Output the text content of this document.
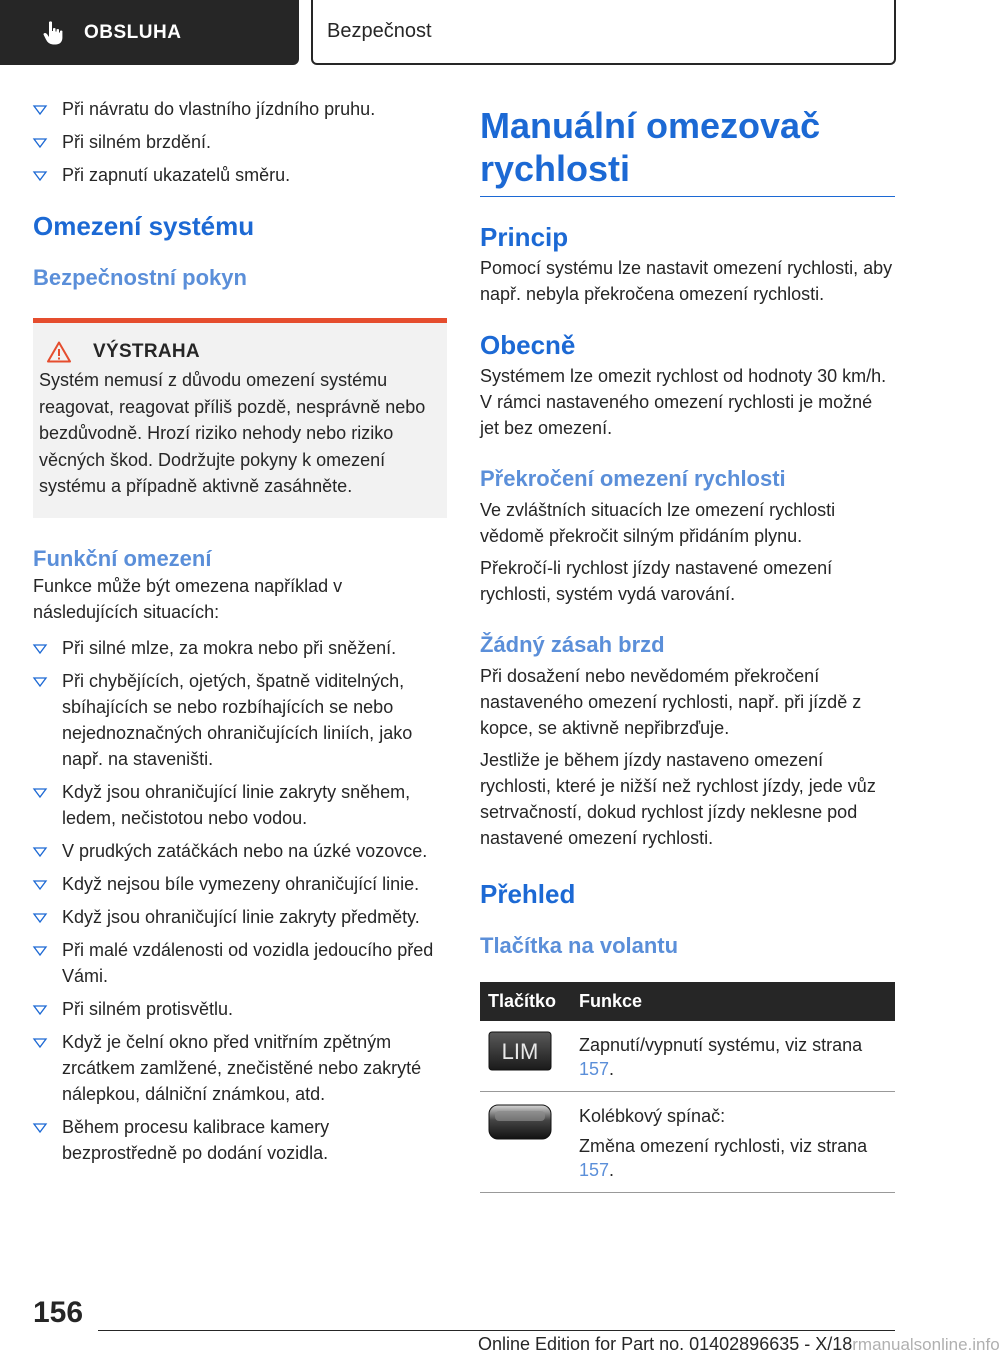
OBSLUHA	Bezpečnost
Při návratu do vlastního jízdního pruhu.
Při silném brzdění.
Při zapnutí ukazatelů směru.
Omezení systému
Bezpečnostní pokyn
VÝSTRAHA
Systém nemusí z důvodu omezení systému reagovat, reagovat příliš pozdě, nesprávně nebo bezdůvodně. Hrozí riziko nehody nebo riziko věcných škod. Dodržujte pokyny k omezení systému a případně aktivně zasáhněte.
Funkční omezení
Funkce může být omezena například v následujících situacích:
Při silné mlze, za mokra nebo při sněžení.
Při chybějících, ojetých, špatně viditelných, sbíhajících se nebo rozbíhajících se nebo nejednoznačných ohraničujících liniích, jako např. na staveništi.
Když jsou ohraničující linie zakryty sněhem, ledem, nečistotou nebo vodou.
V prudkých zatáčkách nebo na úzké vozovce.
Když nejsou bíle vymezeny ohraničující linie.
Když jsou ohraničující linie zakryty předměty.
Při malé vzdálenosti od vozidla jedoucího před Vámi.
Při silném protisvětlu.
Když je čelní okno před vnitřním zpětným zrcátkem zamlžené, znečistěné nebo zakryté nálepkou, dálniční známkou, atd.
Během procesu kalibrace kamery bezprostředně po dodání vozidla.
Manuální omezovač rychlosti
Princip
Pomocí systému lze nastavit omezení rychlosti, aby např. nebyla překročena omezení rychlosti.
Obecně
Systémem lze omezit rychlost od hodnoty 30 km/h. V rámci nastaveného omezení rychlosti je možné jet bez omezení.
Překročení omezení rychlosti
Ve zvláštních situacích lze omezení rychlosti vědomě překročit silným přidáním plynu.
Překročí-li rychlost jízdy nastavené omezení rychlosti, systém vydá varování.
Žádný zásah brzd
Při dosažení nebo nevědomém překročení nastaveného omezení rychlosti, např. při jízdě z kopce, se aktivně nepřibrzďuje.
Jestliže je během jízdy nastaveno omezení rychlosti, které je nižší než rychlost jízdy, jede vůz setrvačností, dokud rychlost jízdy neklesne pod nastavené omezení rychlosti.
Přehled
Tlačítka na volantu
Tlačítko	Funkce

LIM	Zapnutí/vypnutí systému, viz strana 157.

Kolébkový spínač:
Změna omezení rychlosti, viz strana 157.
156
Online Edition for Part no. 01402896635 - X/18rmanualsonline.info
